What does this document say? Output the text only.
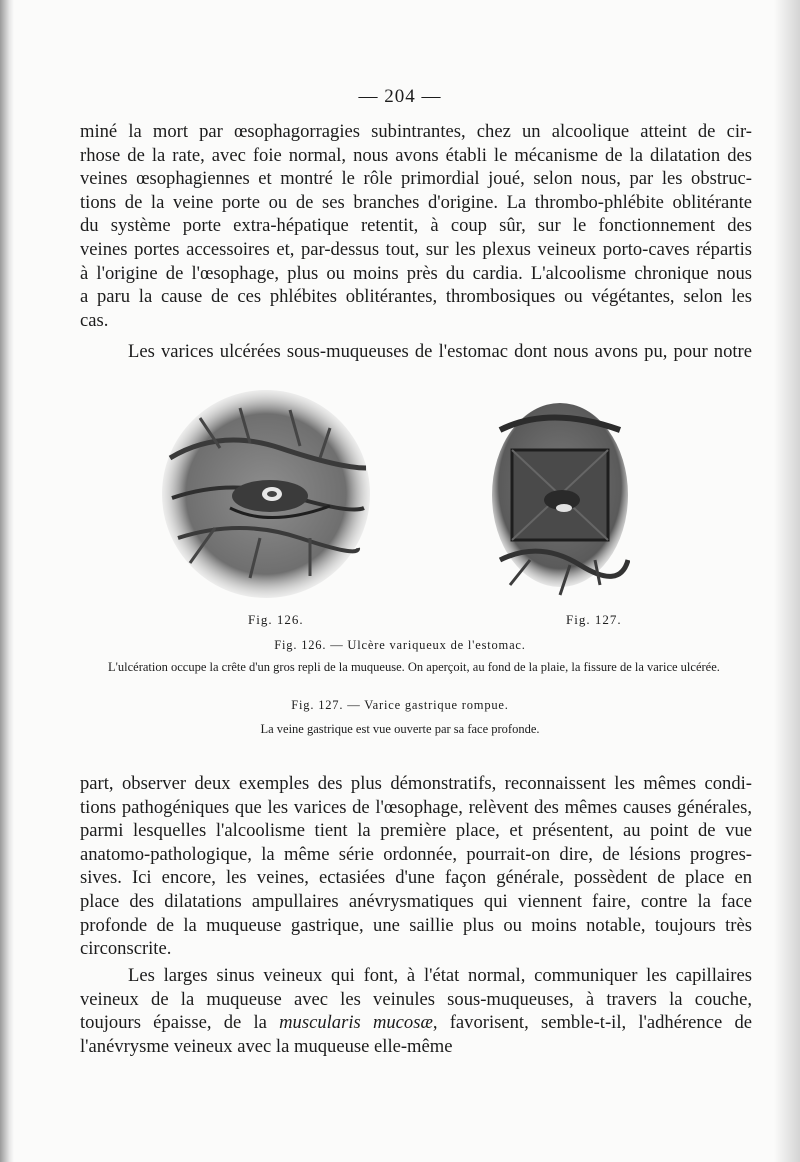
— 204 —
miné la mort par œsophagorragies subintrantes, chez un alcoolique atteint de cir-
rhose de la rate, avec foie normal, nous avons établi le mécanisme de la dilatation des
veines œsophagiennes et montré le rôle primordial joué, selon nous, par les obstruc-
tions de la veine porte ou de ses branches d'origine. La thrombo-phlébite oblitérante
du système porte extra-hépatique retentit, à coup sûr, sur le fonctionnement des
veines portes accessoires et, par-dessus tout, sur les plexus veineux porto-caves répartis
à l'origine de l'œsophage, plus ou moins près du cardia. L'alcoolisme chronique nous
a paru la cause de ces phlébites oblitérantes, thrombosiques ou végétantes, selon les
cas.
Les varices ulcérées sous-muqueuses de l'estomac dont nous avons pu, pour notre
Fig. 126.	Fig. 127.
Fig. 126. — Ulcère variqueux de l'estomac.
L'ulcération occupe la crête d'un gros repli de la muqueuse. On aperçoit, au fond de la plaie, la fissure de la varice ulcérée.
Fig. 127. — Varice gastrique rompue.
La veine gastrique est vue ouverte par sa face profonde.
part, observer deux exemples des plus démonstratifs, reconnaissent les mêmes condi-
tions pathogéniques que les varices de l'œsophage, relèvent des mêmes causes générales,
parmi lesquelles l'alcoolisme tient la première place, et présentent, au point de vue
anatomo-pathologique, la même série ordonnée, pourrait-on dire, de lésions progres-
sives. Ici encore, les veines, ectasiées d'une façon générale, possèdent de place en
place des dilatations ampullaires anévrysmatiques qui viennent faire, contre la face
profonde de la muqueuse gastrique, une saillie plus ou moins notable, toujours très
circonscrite.
Les larges sinus veineux qui font, à l'état normal, communiquer les capillaires
veineux de la muqueuse avec les veinules sous-muqueuses, à travers la couche,
toujours épaisse, de la muscularis mucosæ, favorisent, semble-t-il, l'adhérence de
l'anévrysme veineux avec la muqueuse elle-même
